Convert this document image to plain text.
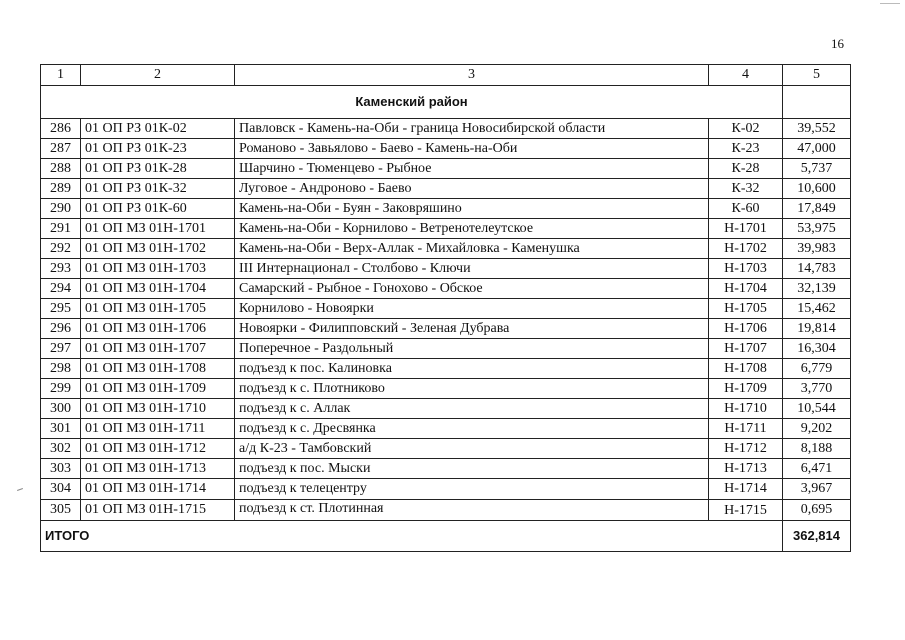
16
1	2	3	4	5
Каменский район				
286	01 ОП РЗ 01К-02	Павловск - Камень-на-Оби - граница Новосибирской области	К-02	39,552
287	01 ОП РЗ 01К-23	Романово - Завьялово - Баево - Камень-на-Оби	К-23	47,000
288	01 ОП РЗ 01К-28	Шарчино - Тюменцево - Рыбное	К-28	5,737
289	01 ОП РЗ 01К-32	Луговое - Андроново - Баево	К-32	10,600
290	01 ОП РЗ 01К-60	Камень-на-Оби - Буян - Заковряшино	К-60	17,849
291	01 ОП МЗ 01Н-1701	Камень-на-Оби - Корнилово - Ветренотелеутское	Н-1701	53,975
292	01 ОП МЗ 01Н-1702	Камень-на-Оби - Верх-Аллак - Михайловка - Каменушка	Н-1702	39,983
293	01 ОП МЗ 01Н-1703	III Интернационал - Столбово - Ключи	Н-1703	14,783
294	01 ОП МЗ 01Н-1704	Самарский - Рыбное - Гонохово - Обское	Н-1704	32,139
295	01 ОП МЗ 01Н-1705	Корнилово - Новоярки	Н-1705	15,462
296	01 ОП МЗ 01Н-1706	Новоярки - Филипповский - Зеленая Дубрава	Н-1706	19,814
297	01 ОП МЗ 01Н-1707	Поперечное - Раздольный	Н-1707	16,304
298	01 ОП МЗ 01Н-1708	подъезд к пос. Калиновка	Н-1708	6,779
299	01 ОП МЗ 01Н-1709	подъезд к с. Плотниково	Н-1709	3,770
300	01 ОП МЗ 01Н-1710	подъезд к с. Аллак	Н-1710	10,544
301	01 ОП МЗ 01Н-1711	подъезд к с. Дресвянка	Н-1711	9,202
302	01 ОП МЗ 01Н-1712	а/д К-23 - Тамбовский	Н-1712	8,188
303	01 ОП МЗ 01Н-1713	подъезд к пос. Мыски	Н-1713	6,471
304	01 ОП МЗ 01Н-1714	подъезд к телецентру	Н-1714	3,967
305	01 ОП МЗ 01Н-1715	подъезд к ст. Плотинная	Н-1715	0,695
ИТОГО				362,814
